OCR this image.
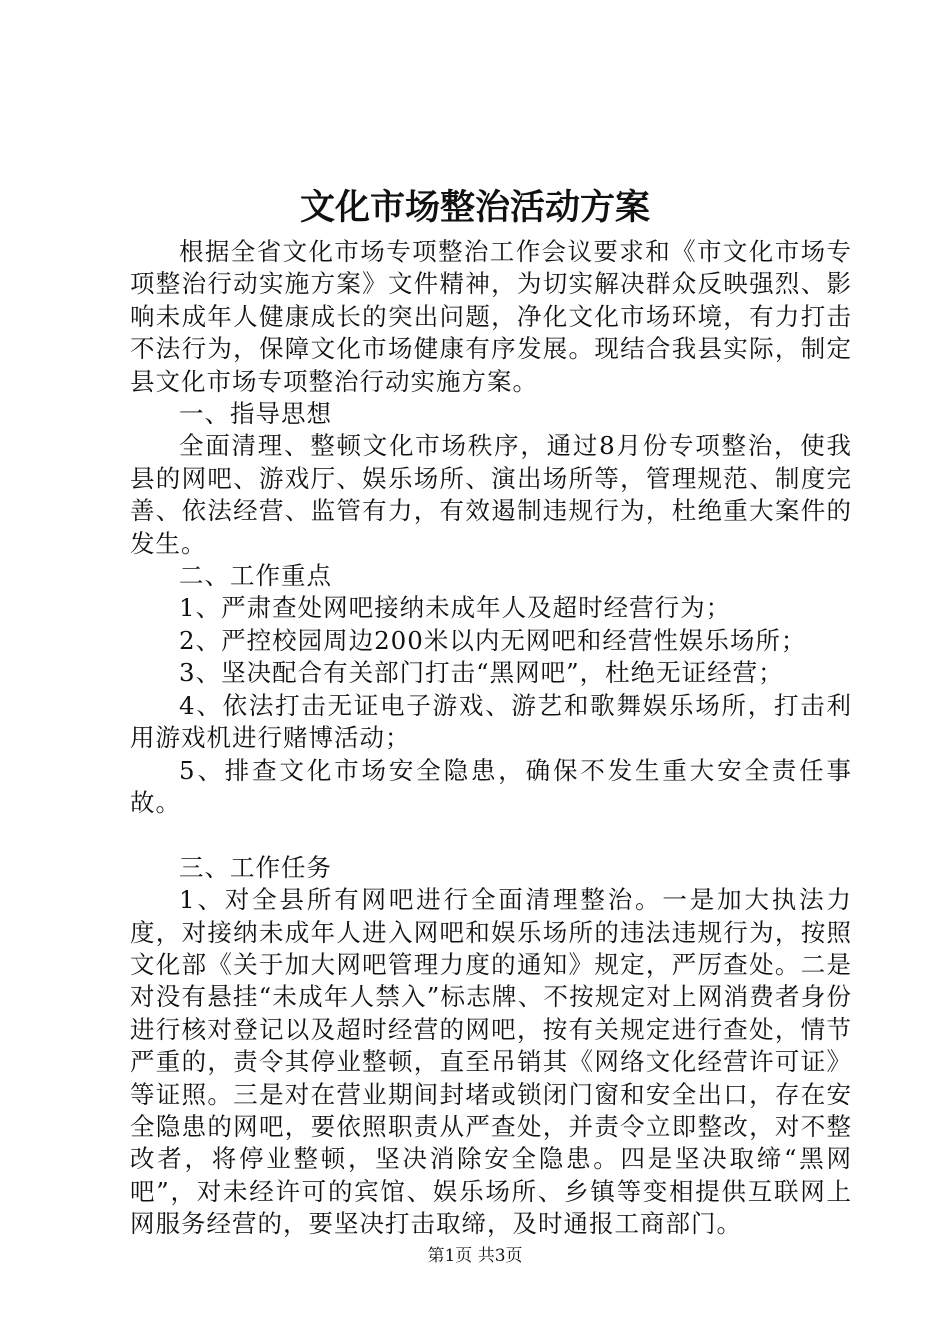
文化市场整治活动方案

根据全省文化市场专项整治工作会议要求和《市文化市场专项整治行动实施方案》文件精神，为切实解决群众反映强烈、影响未成年人健康成长的突出问题，净化文化市场环境，有力打击不法行为，保障文化市场健康有序发展。现结合我县实际，制定县文化市场专项整治行动实施方案。

一、指导思想

全面清理、整顿文化市场秩序，通过8月份专项整治，使我县的网吧、游戏厅、娱乐场所、演出场所等，管理规范、制度完善、依法经营、监管有力，有效遏制违规行为，杜绝重大案件的发生。

二、工作重点

1、严肃查处网吧接纳未成年人及超时经营行为；

2、严控校园周边200米以内无网吧和经营性娱乐场所；

3、坚决配合有关部门打击“黑网吧”，杜绝无证经营；

4、依法打击无证电子游戏、游艺和歌舞娱乐场所，打击利用游戏机进行赌博活动；

5、排查文化市场安全隐患，确保不发生重大安全责任事故。

三、工作任务

1、对全县所有网吧进行全面清理整治。一是加大执法力度，对接纳未成年人进入网吧和娱乐场所的违法违规行为，按照文化部《关于加大网吧管理力度的通知》规定，严厉查处。二是对没有悬挂“未成年人禁入”标志牌、不按规定对上网消费者身份进行核对登记以及超时经营的网吧，按有关规定进行查处，情节严重的，责令其停业整顿，直至吊销其《网络文化经营许可证》等证照。三是对在营业期间封堵或锁闭门窗和安全出口，存在安全隐患的网吧，要依照职责从严查处，并责令立即整改，对不整改者，将停业整顿，坚决消除安全隐患。四是坚决取缔“黑网吧”，对未经许可的宾馆、娱乐场所、乡镇等变相提供互联网上网服务经营的，要坚决打击取缔，及时通报工商部门。

第1页 共3页
